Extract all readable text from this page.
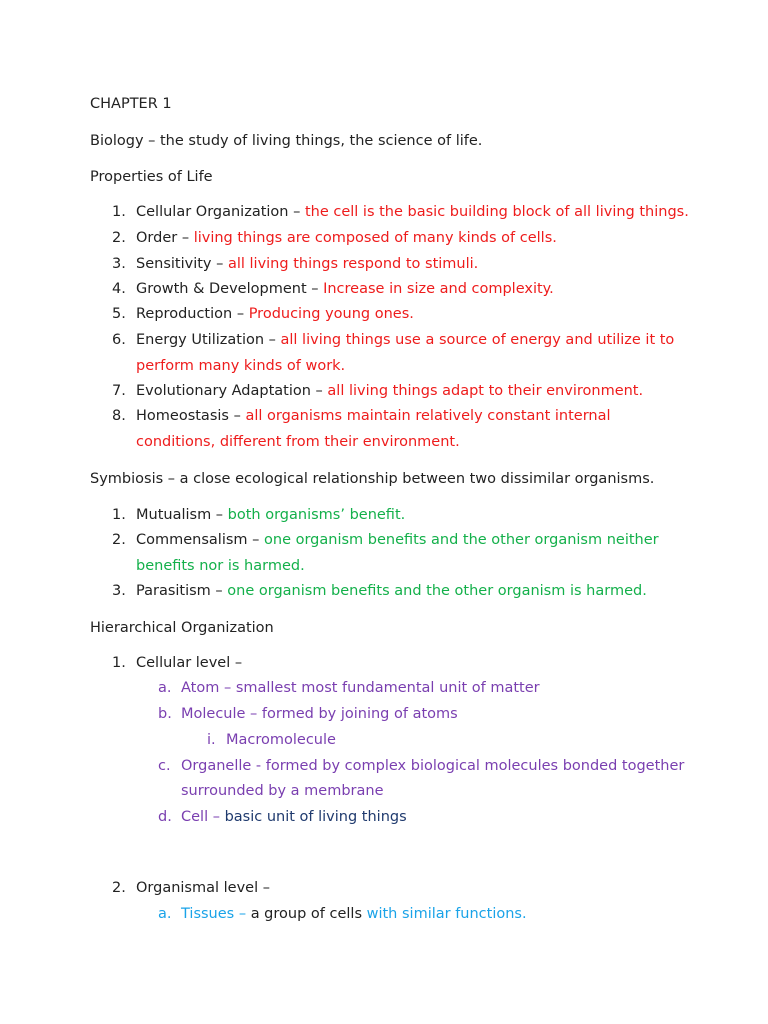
CHAPTER 1
Biology – the study of living things, the science of life.
Properties of Life
1. Cellular Organization – the cell is the basic building block of all living things.
2. Order – living things are composed of many kinds of cells.
3. Sensitivity – all living things respond to stimuli.
4. Growth & Development – Increase in size and complexity.
5. Reproduction – Producing young ones.
6. Energy Utilization – all living things use a source of energy and utilize it to
perform many kinds of work.
7. Evolutionary Adaptation – all living things adapt to their environment.
8. Homeostasis – all organisms maintain relatively constant internal
conditions, different from their environment.
Symbiosis – a close ecological relationship between two dissimilar organisms.
1. Mutualism – both organisms’ benefit.
2. Commensalism – one organism benefits and the other organism neither
benefits nor is harmed.
3. Parasitism – one organism benefits and the other organism is harmed.
Hierarchical Organization
1. Cellular level –
a. Atom – smallest most fundamental unit of matter
b. Molecule – formed by joining of atoms
i. Macromolecule
c. Organelle - formed by complex biological molecules bonded together
surrounded by a membrane
d. Cell – basic unit of living things
2. Organismal level –
a. Tissues – a group of cells with similar functions.
